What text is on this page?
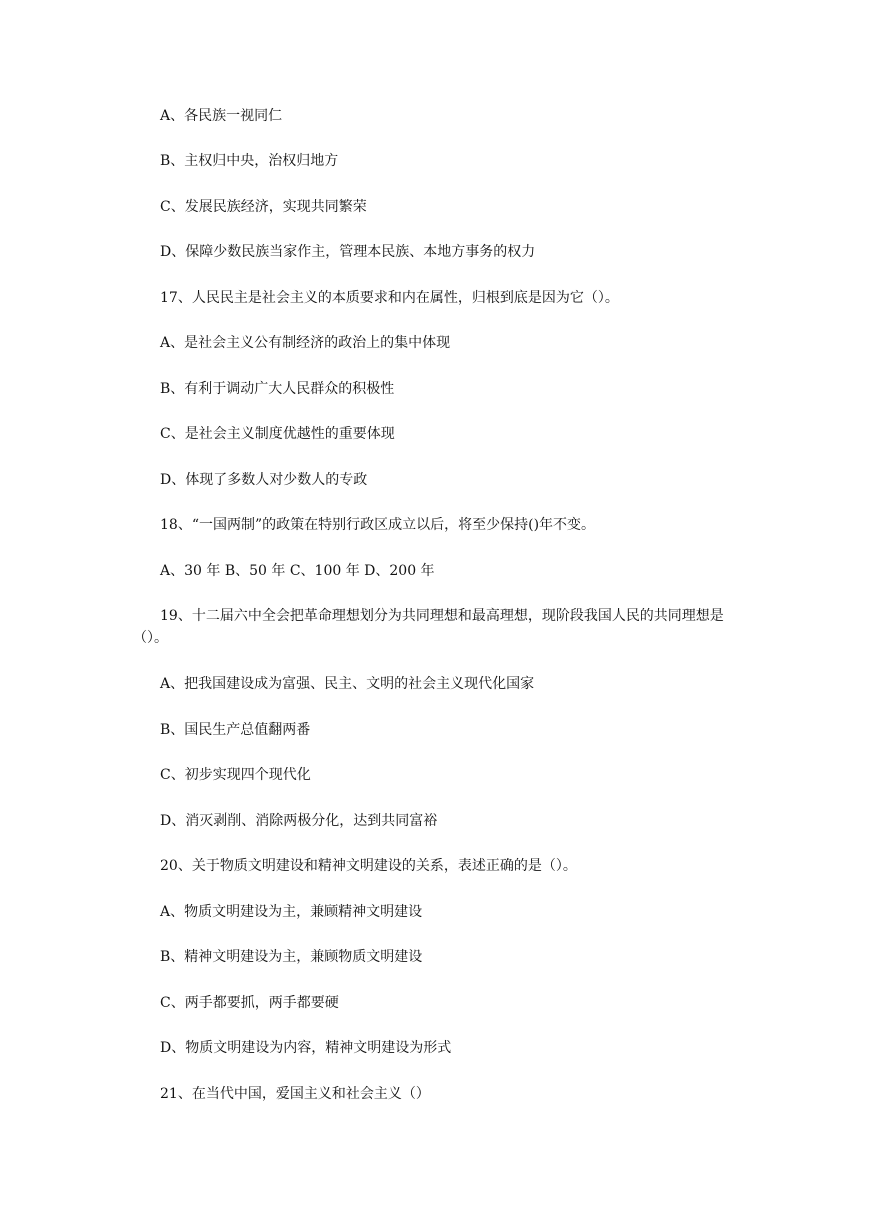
A、各民族一视同仁
B、主权归中央，治权归地方
C、发展民族经济，实现共同繁荣
D、保障少数民族当家作主，管理本民族、本地方事务的权力
17、人民民主是社会主义的本质要求和内在属性，归根到底是因为它（）。
A、是社会主义公有制经济的政治上的集中体现
B、有利于调动广大人民群众的积极性
C、是社会主义制度优越性的重要体现
D、体现了多数人对少数人的专政
18、“一国两制”的政策在特别行政区成立以后，将至少保持()年不变。
A、30 年 B、50 年 C、100 年 D、200 年
19、十二届六中全会把革命理想划分为共同理想和最高理想，现阶段我国人民的共同理想是（）。
A、把我国建设成为富强、民主、文明的社会主义现代化国家
B、国民生产总值翻两番
C、初步实现四个现代化
D、消灭剥削、消除两极分化，达到共同富裕
20、关于物质文明建设和精神文明建设的关系，表述正确的是（）。
A、物质文明建设为主，兼顾精神文明建设
B、精神文明建设为主，兼顾物质文明建设
C、两手都要抓，两手都要硬
D、物质文明建设为内容，精神文明建设为形式
21、在当代中国，爱国主义和社会主义（）
